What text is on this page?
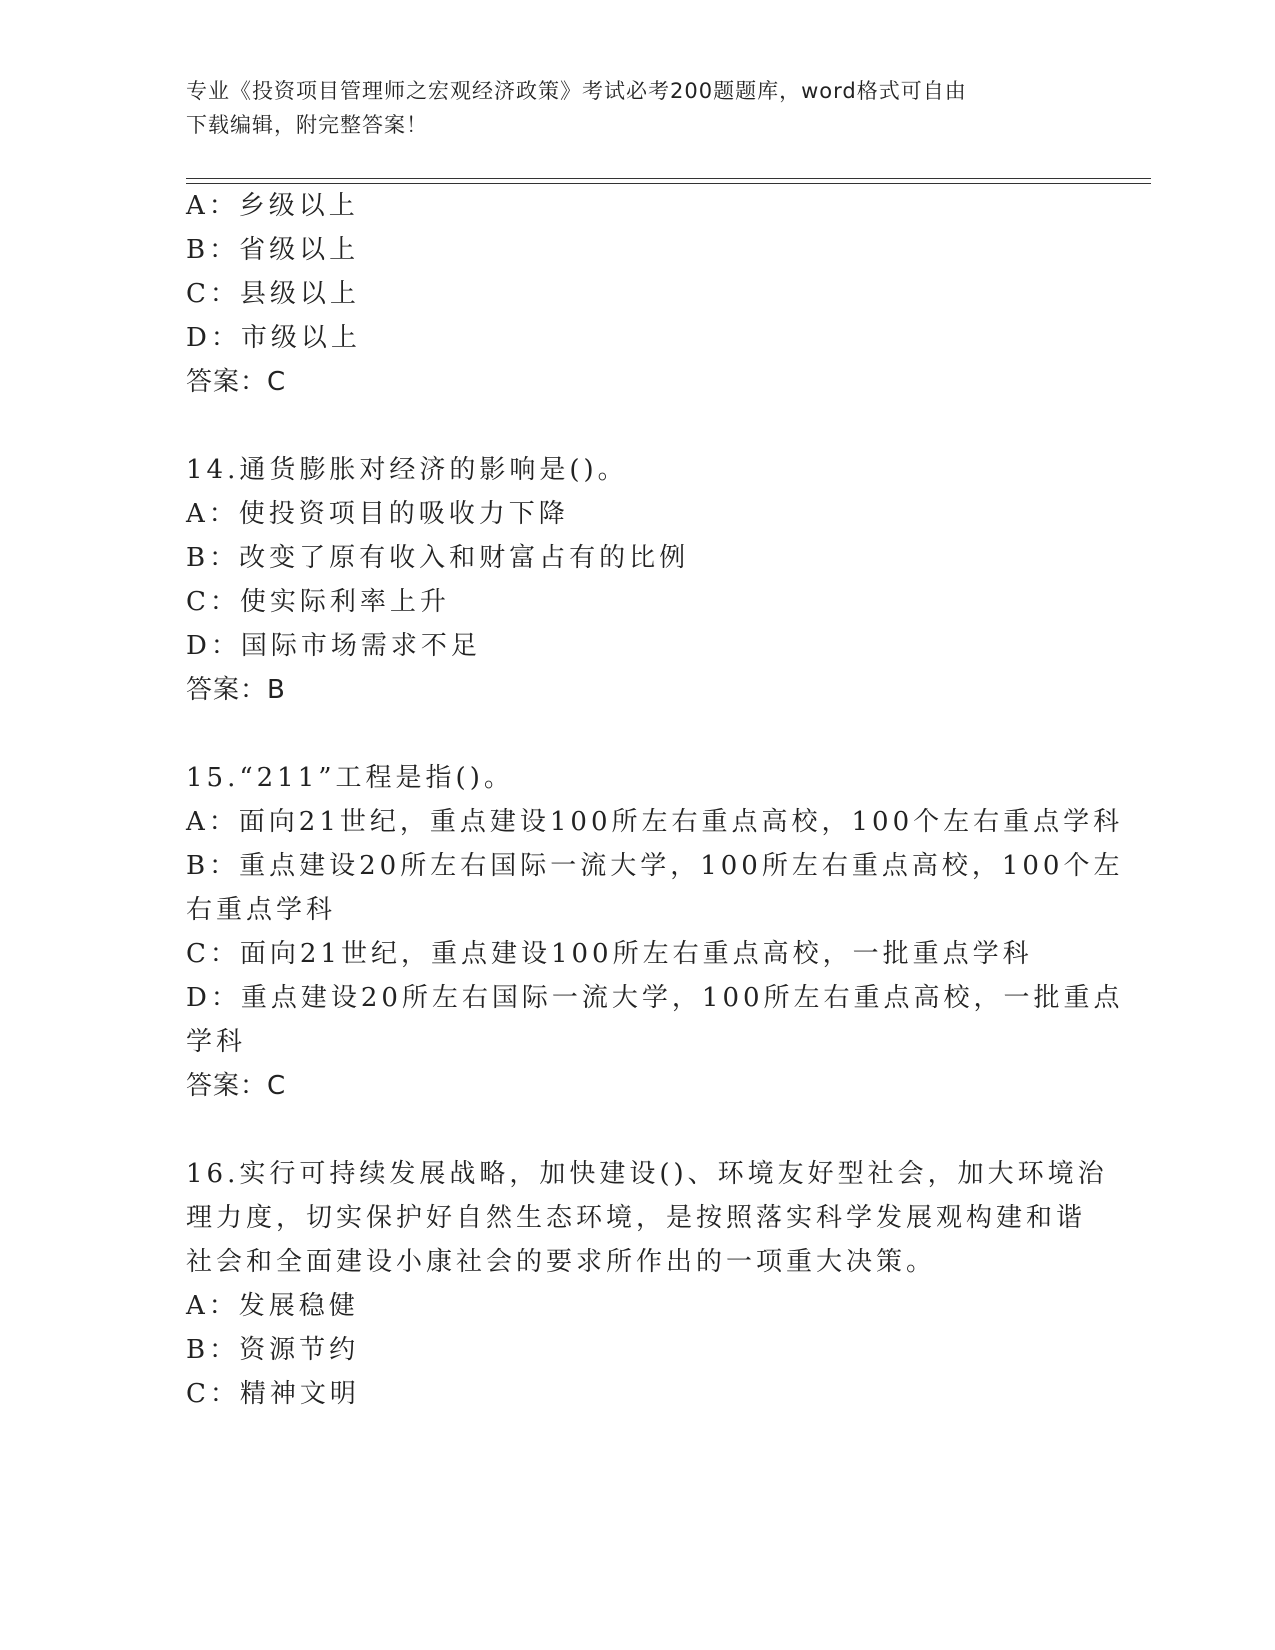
专业《投资项目管理师之宏观经济政策》考试必考200题题库，word格式可自由
下载编辑，附完整答案！
A：乡级以上
B：省级以上
C：县级以上
D：市级以上
答案：C
14.通货膨胀对经济的影响是()。
A：使投资项目的吸收力下降
B：改变了原有收入和财富占有的比例
C：使实际利率上升
D：国际市场需求不足
答案：B
15.“211”工程是指()。
A：面向21世纪，重点建设100所左右重点高校，100个左右重点学科
B：重点建设20所左右国际一流大学，100所左右重点高校，100个左
右重点学科
C：面向21世纪，重点建设100所左右重点高校，一批重点学科
D：重点建设20所左右国际一流大学，100所左右重点高校，一批重点
学科
答案：C
16.实行可持续发展战略，加快建设()、环境友好型社会，加大环境治
理力度，切实保护好自然生态环境，是按照落实科学发展观构建和谐
社会和全面建设小康社会的要求所作出的一项重大决策。
A：发展稳健
B：资源节约
C：精神文明
